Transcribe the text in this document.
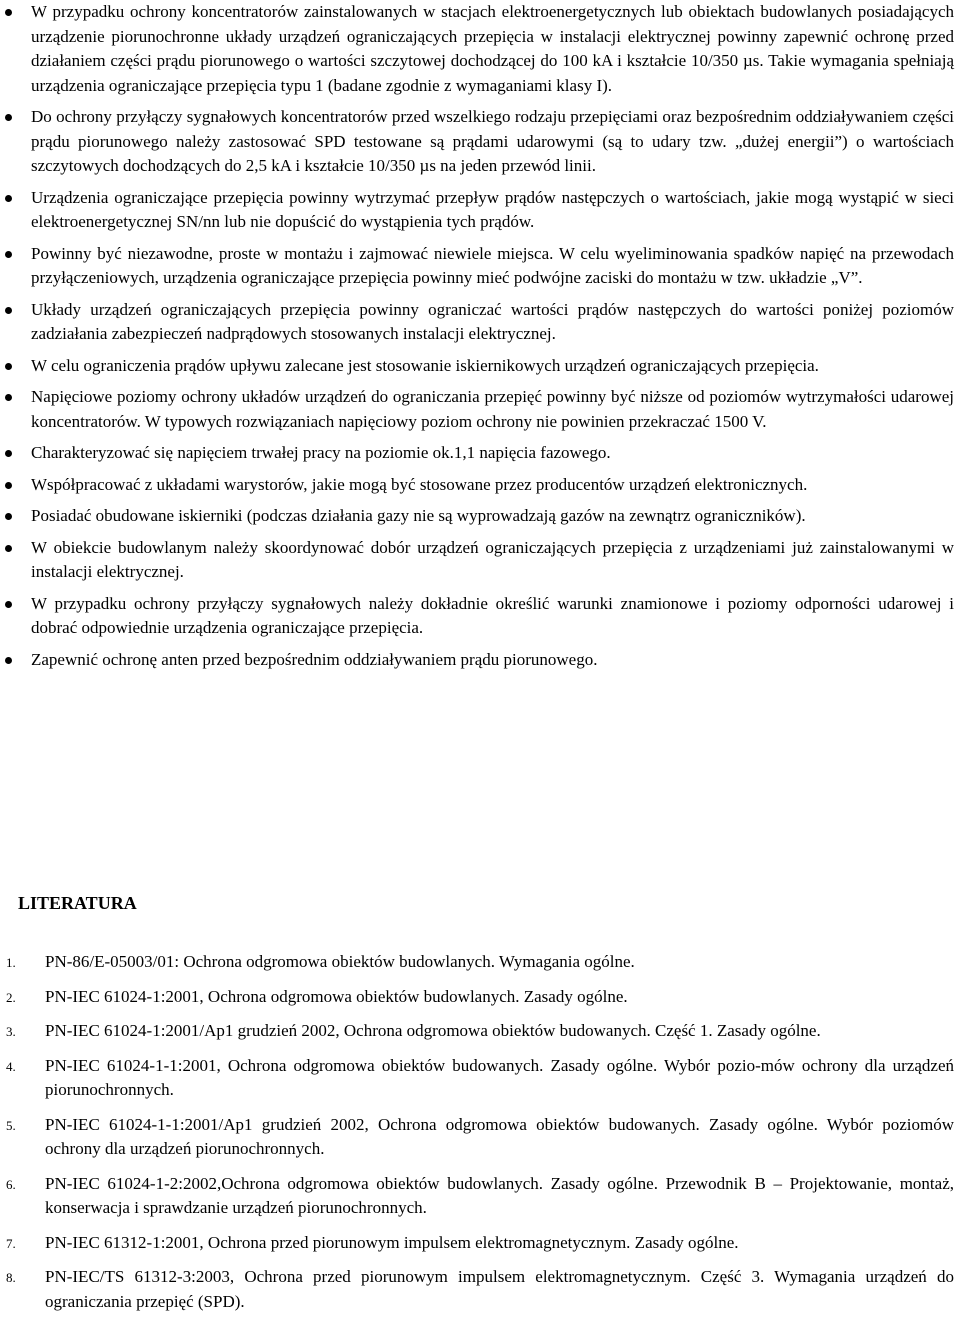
W przypadku ochrony koncentratorów zainstalowanych w stacjach elektroenergetycznych lub obiektach budowlanych posiadających urządzenie piorunochronne układy urządzeń ograniczających przepięcia w instalacji elektrycznej powinny zapewnić ochronę przed działaniem części prądu piorunowego o wartości szczytowej dochodzącej do 100 kA i kształcie 10/350 µs. Takie wymagania spełniają urządzenia ograniczające przepięcia typu 1 (badane zgodnie z wymaganiami klasy I).
Do ochrony przyłączy sygnałowych koncentratorów przed wszelkiego rodzaju przepięciami oraz bezpośrednim oddziaływaniem części prądu piorunowego należy zastosować SPD testowane są prądami udarowymi (są to udary tzw. „dużej energii”) o wartościach szczytowych dochodzących do 2,5 kA i kształcie 10/350 µs na jeden przewód linii.
Urządzenia ograniczające przepięcia powinny wytrzymać przepływ prądów następczych o wartościach, jakie mogą wystąpić w sieci elektroenergetycznej SN/nn lub nie dopuścić do wystąpienia tych prądów.
Powinny być niezawodne, proste w montażu i zajmować niewiele miejsca. W celu wyeliminowania spadków napięć na przewodach przyłączeniowych, urządzenia ograniczające przepięcia powinny mieć podwójne zaciski do montażu w tzw. układzie „V”.
Układy urządzeń ograniczających przepięcia powinny ograniczać wartości prądów następczych do wartości poniżej poziomów zadziałania zabezpieczeń nadprądowych stosowanych instalacji elektrycznej.
W celu ograniczenia prądów upływu zalecane jest stosowanie iskiernikowych urządzeń ograniczających przepięcia.
Napięciowe poziomy ochrony układów urządzeń do ograniczania przepięć powinny być niższe od poziomów wytrzymałości udarowej koncentratorów. W typowych rozwiązaniach napięciowy poziom ochrony nie powinien przekraczać 1500 V.
Charakteryzować się napięciem trwałej pracy na poziomie ok.1,1 napięcia fazowego.
Współpracować z układami warystorów, jakie mogą być stosowane przez producentów urządzeń elektronicznych.
Posiadać obudowane iskierniki (podczas działania gazy nie są wyprowadzają gazów na zewnątrz ograniczników).
W obiekcie budowlanym należy skoordynować dobór urządzeń ograniczających przepięcia z urządzeniami już zainstalowanymi w instalacji elektrycznej.
W przypadku ochrony przyłączy sygnałowych należy dokładnie określić warunki znamionowe i poziomy odporności udarowej i dobrać odpowiednie urządzenia ograniczające przepięcia.
Zapewnić ochronę anten przed bezpośrednim oddziaływaniem prądu piorunowego.
LITERATURA
1. PN-86/E-05003/01: Ochrona odgromowa obiektów budowlanych. Wymagania ogólne.
2. PN-IEC 61024-1:2001, Ochrona odgromowa obiektów budowlanych. Zasady ogólne.
3. PN-IEC 61024-1:2001/Ap1 grudzień 2002, Ochrona odgromowa obiektów budowanych. Część 1. Zasady ogólne.
4. PN-IEC 61024-1-1:2001, Ochrona odgromowa obiektów budowanych. Zasady ogólne. Wybór pozio-mów ochrony dla urządzeń piorunochronnych.
5. PN-IEC 61024-1-1:2001/Ap1 grudzień 2002, Ochrona odgromowa obiektów budowanych. Zasady ogólne. Wybór poziomów ochrony dla urządzeń piorunochronnych.
6. PN-IEC 61024-1-2:2002,Ochrona odgromowa obiektów budowlanych. Zasady ogólne. Przewodnik B – Projektowanie, montaż, konserwacja i sprawdzanie urządzeń piorunochronnych.
7. PN-IEC 61312-1:2001, Ochrona przed piorunowym impulsem elektromagnetycznym. Zasady ogólne.
8. PN-IEC/TS 61312-3:2003, Ochrona przed piorunowym impulsem elektromagnetycznym. Część 3. Wymagania urządzeń do ograniczania przepięć (SPD).
